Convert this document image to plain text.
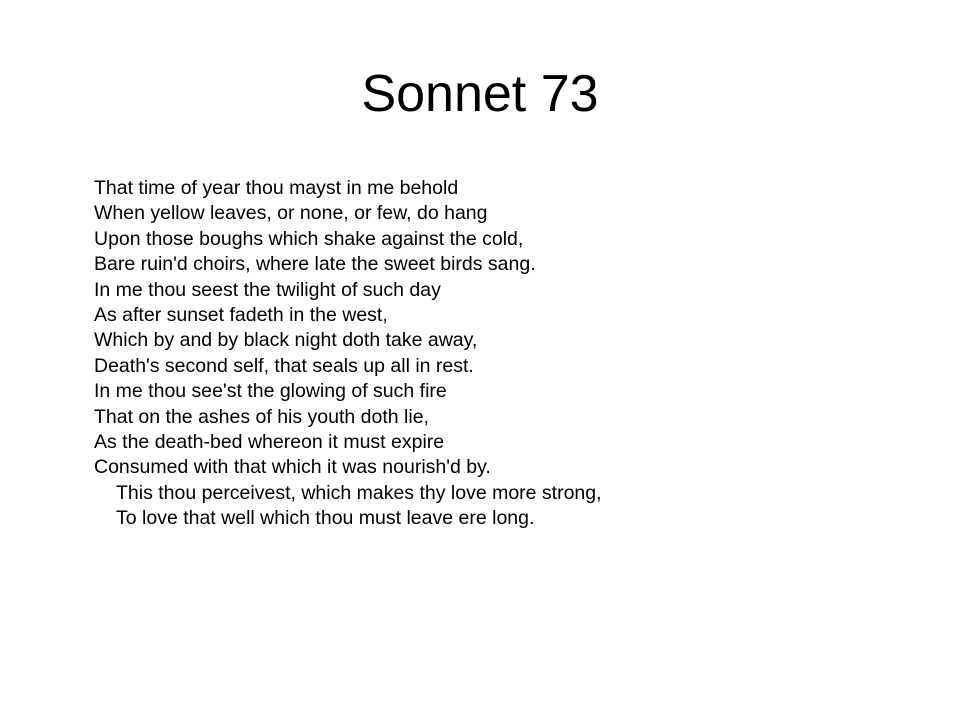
Sonnet 73
That time of year thou mayst in me behold
When yellow leaves, or none, or few, do hang
Upon those boughs which shake against the cold,
Bare ruin'd choirs, where late the sweet birds sang.
In me thou seest the twilight of such day
As after sunset fadeth in the west,
Which by and by black night doth take away,
Death's second self, that seals up all in rest.
In me thou see'st the glowing of such fire
That on the ashes of his youth doth lie,
As the death-bed whereon it must expire
Consumed with that which it was nourish'd by.
This thou perceivest, which makes thy love more strong,
To love that well which thou must leave ere long.
